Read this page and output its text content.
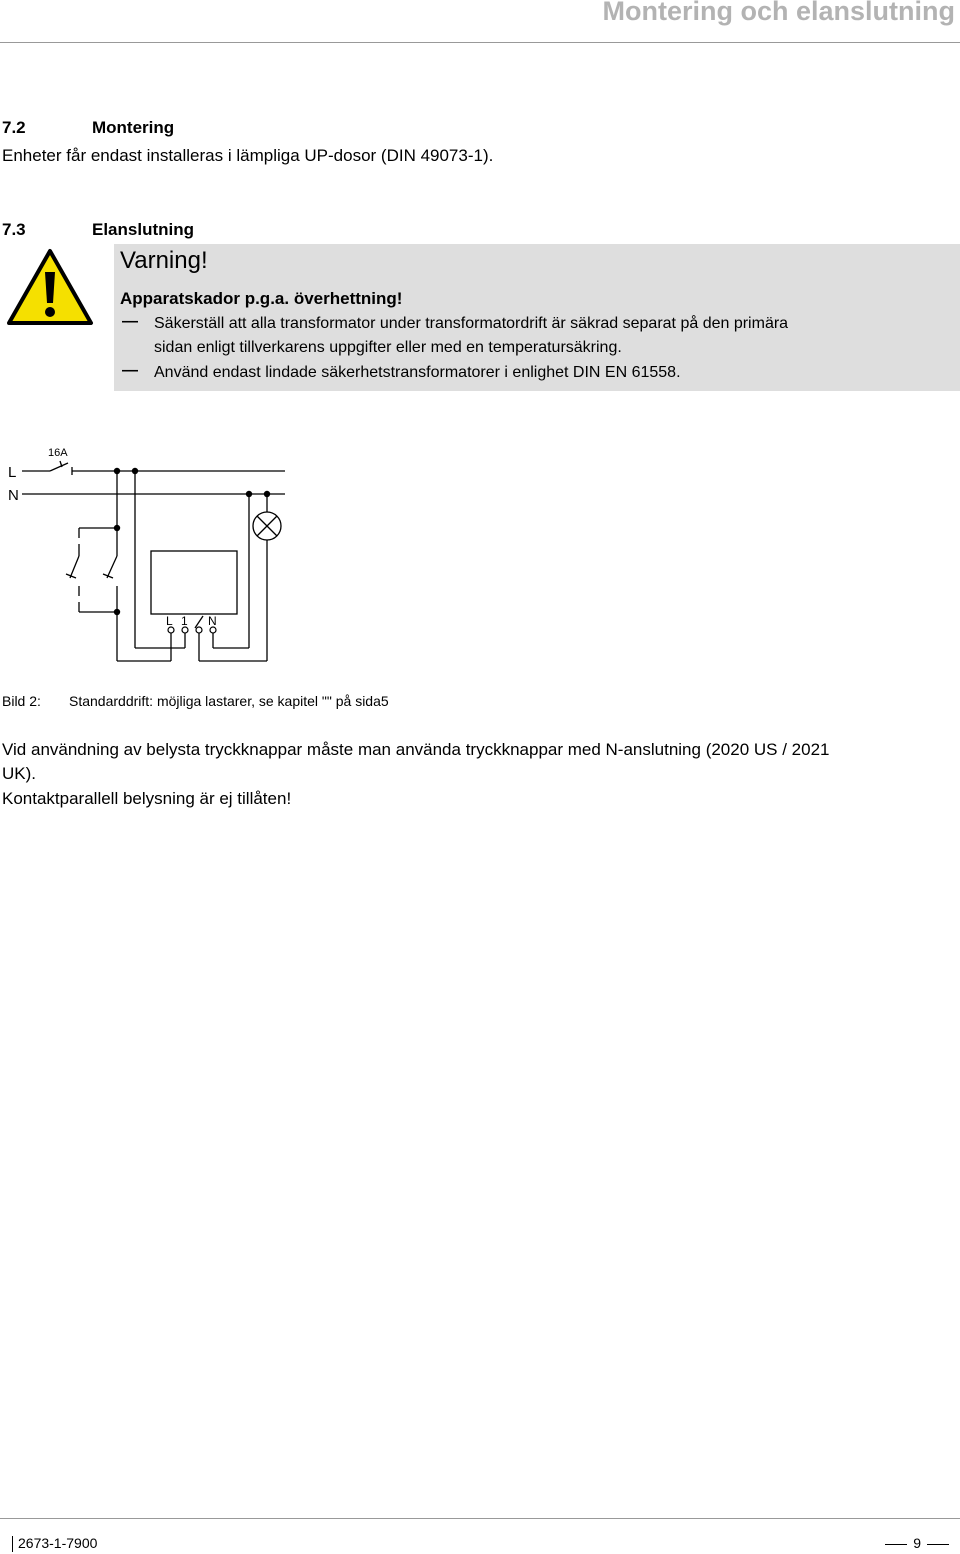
Montering och elanslutning
7.2	Montering
Enheter får endast installeras i lämpliga UP-dosor (DIN 49073-1).
7.3	Elanslutning
Varning!
Apparatskador p.g.a. överhettning!
— Säkerställ att alla transformator under transformatordrift är säkrad separat på den primära
sidan enligt tillverkarens uppgifter eller med en temperatursäkring.
— Använd endast lindade säkerhetstransformatorer i enlighet DIN EN 61558.
16A
L
N
L 1 N
Bild 2: Standarddrift: möjliga lastarer, se kapitel "" på sida5
Vid användning av belysta tryckknappar måste man använda tryckknappar med N-anslutning (2020 US / 2021
UK).
Kontaktparallell belysning är ej tillåten!
2673-1-7900	9
